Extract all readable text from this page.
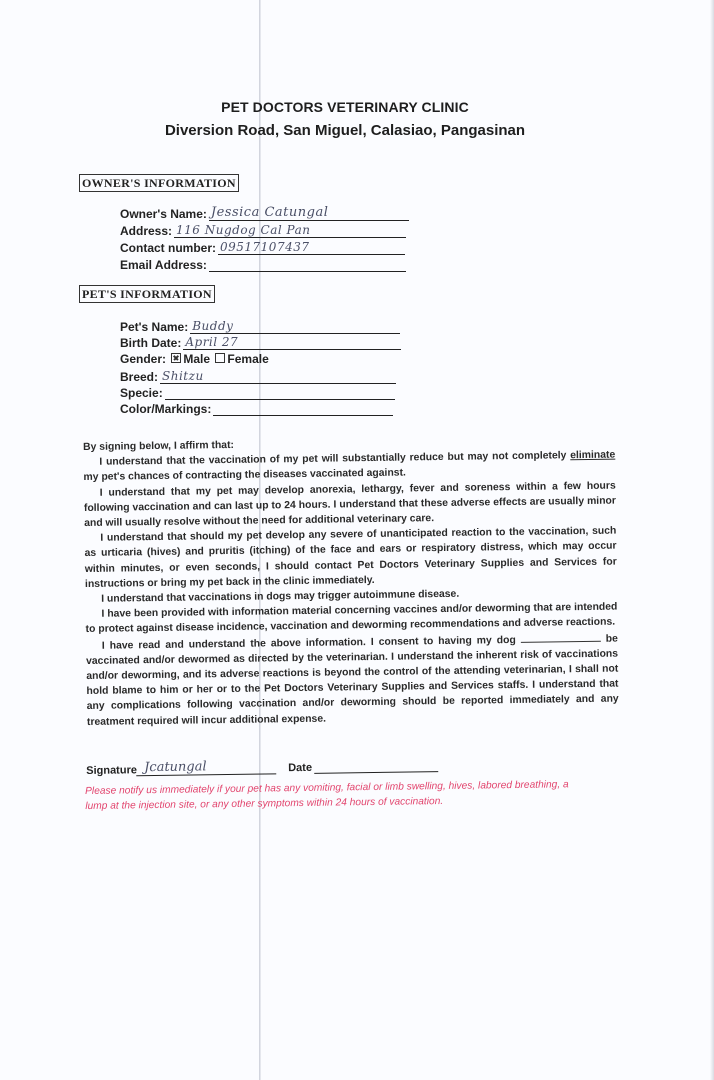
PET DOCTORS VETERINARY CLINIC
Diversion Road, San Miguel, Calasiao, Pangasinan
OWNER'S INFORMATION
Owner's Name: Jessica Catungal
Address: 116 Nugdog Cal Pan
Contact number: 09517107437
Email Address:
PET'S INFORMATION
Pet's Name: Buddy
Birth Date: April 27
Gender: Male Female
Breed: Shitzu
Specie:
Color/Markings:

By signing below, I affirm that:

I understand that the vaccination of my pet will substantially reduce but may not completely eliminate my pet's chances of contracting the diseases vaccinated against.

I understand that my pet may develop anorexia, lethargy, fever and soreness within a few hours following vaccination and can last up to 24 hours. I understand that these adverse effects are usually minor and will usually resolve without the need for additional veterinary care.

I understand that should my pet develop any severe of unanticipated reaction to the vaccination, such as urticaria (hives) and pruritis (itching) of the face and ears or respiratory distress, which may occur within minutes, or even seconds, I should contact Pet Doctors Veterinary Supplies and Services for instructions or bring my pet back in the clinic immediately.

I understand that vaccinations in dogs may trigger autoimmune disease.

I have been provided with information material concerning vaccines and/or deworming that are intended to protect against disease incidence, vaccination and deworming recommendations and adverse reactions.

I have read and understand the above information. I consent to having my dog	be vaccinated and/or dewormed as directed by the veterinarian. I understand the inherent risk of vaccinations and/or deworming, and its adverse reactions is beyond the control of the attending veterinarian, I shall not hold blame to him or her or to the Pet Doctors Veterinary Supplies and Services staffs. I understand that any complications following vaccination and/or deworming should be reported immediately and any treatment required will incur additional expense.

Signature Jcatungal	Date
Please notify us immediately if your pet has any vomiting, facial or limb swelling, hives, labored breathing, a lump at the injection site, or any other symptoms within 24 hours of vaccination.
